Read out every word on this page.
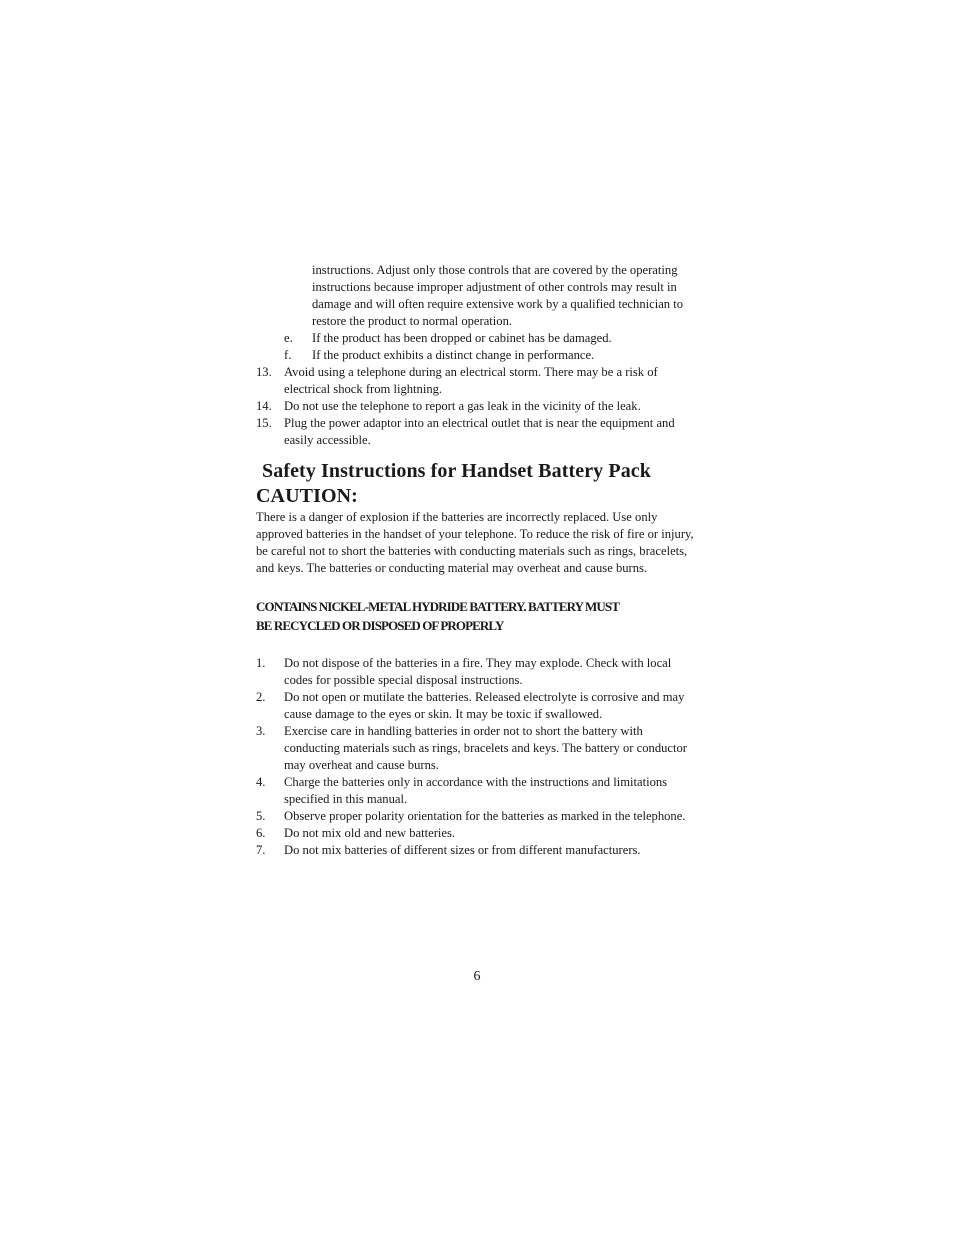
instructions. Adjust only those controls that are covered by the operating instructions because improper adjustment of other controls may result in damage and will often require extensive work by a qualified technician to restore the product to normal operation.
e.	If the product has been dropped or cabinet has be damaged.
f.	If the product exhibits a distinct change in performance.
13. Avoid using a telephone during an electrical storm. There may be a risk of electrical shock from lightning.
14. Do not use the telephone to report a gas leak in the vicinity of the leak.
15. Plug the power adaptor into an electrical outlet that is near the equipment and easily accessible.
Safety Instructions for Handset Battery Pack
CAUTION:

There is a danger of explosion if the batteries are incorrectly replaced. Use only approved batteries in the handset of your telephone. To reduce the risk of fire or injury, be careful not to short the batteries with conducting materials such as rings, bracelets, and keys. The batteries or conducting material may overheat and cause burns.

CONTAINS NICKEL-METAL HYDRIDE BATTERY. BATTERY MUST
BE RECYCLED OR DISPOSED OF PROPERLY
1.	Do not dispose of the batteries in a fire. They may explode. Check with local codes for possible special disposal instructions.
2.	Do not open or mutilate the batteries. Released electrolyte is corrosive and may cause damage to the eyes or skin. It may be toxic if swallowed.
3.	Exercise care in handling batteries in order not to short the battery with conducting materials such as rings, bracelets and keys. The battery or conductor may overheat and cause burns.
4.	Charge the batteries only in accordance with the instructions and limitations specified in this manual.
5.	Observe proper polarity orientation for the batteries as marked in the telephone.
6.	Do not mix old and new batteries.
7.	Do not mix batteries of different sizes or from different manufacturers.
6
